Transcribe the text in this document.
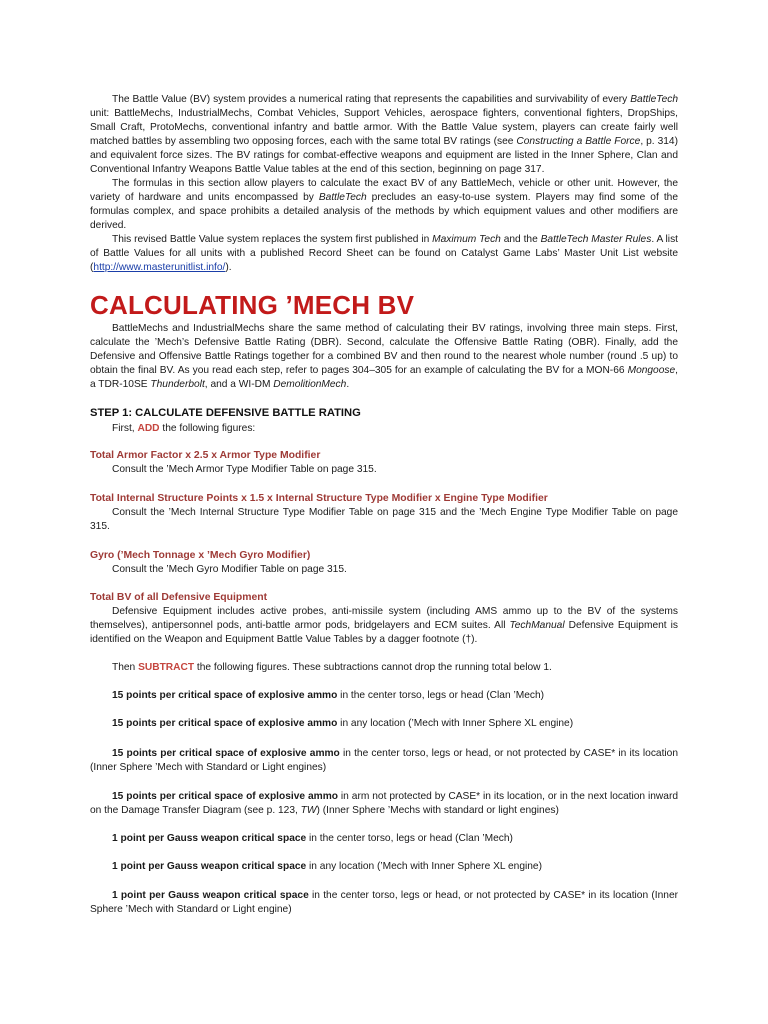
The Battle Value (BV) system provides a numerical rating that represents the capabilities and survivability of every BattleTech unit: BattleMechs, IndustrialMechs, Combat Vehicles, Support Vehicles, aerospace fighters, conventional fighters, DropShips, Small Craft, ProtoMechs, conventional infantry and battle armor. With the Battle Value system, players can create fairly well matched battles by assembling two opposing forces, each with the same total BV ratings (see Constructing a Battle Force, p. 314) and equivalent force sizes. The BV ratings for combat-effective weapons and equipment are listed in the Inner Sphere, Clan and Conventional Infantry Weapons Battle Value tables at the end of this section, beginning on page 317.

The formulas in this section allow players to calculate the exact BV of any BattleMech, vehicle or other unit. However, the variety of hardware and units encompassed by BattleTech precludes an easy-to-use system. Players may find some of the formulas complex, and space prohibits a detailed analysis of the methods by which equipment values and other modifiers are derived.

This revised Battle Value system replaces the system first published in Maximum Tech and the BattleTech Master Rules. A list of Battle Values for all units with a published Record Sheet can be found on Catalyst Game Labs’ Master Unit List website (http://www.masterunitlist.info/).

CALCULATING ’MECH BV

BattleMechs and IndustrialMechs share the same method of calculating their BV ratings, involving three main steps. First, calculate the ’Mech’s Defensive Battle Rating (DBR). Second, calculate the Offensive Battle Rating (OBR). Finally, add the Defensive and Offensive Battle Ratings together for a combined BV and then round to the nearest whole number (round .5 up) to obtain the final BV. As you read each step, refer to pages 304–305 for an example of calculating the BV for a MON-66 Mongoose, a TDR-10SE Thunderbolt, and a WI-DM DemolitionMech.

STEP 1: CALCULATE DEFENSIVE BATTLE RATING

First, ADD the following figures:

Total Armor Factor x 2.5 x Armor Type Modifier

Consult the ’Mech Armor Type Modifier Table on page 315.

Total Internal Structure Points x 1.5 x Internal Structure Type Modifier x Engine Type Modifier

Consult the ’Mech Internal Structure Type Modifier Table on page 315 and the ’Mech Engine Type Modifier Table on page 315.

Gyro (’Mech Tonnage x ’Mech Gyro Modifier)

Consult the ’Mech Gyro Modifier Table on page 315.

Total BV of all Defensive Equipment

Defensive Equipment includes active probes, anti-missile system (including AMS ammo up to the BV of the systems themselves), antipersonnel pods, anti-battle armor pods, bridgelayers and ECM suites. All TechManual Defensive Equipment is identified on the Weapon and Equipment Battle Value Tables by a dagger footnote (†).

Then SUBTRACT the following figures. These subtractions cannot drop the running total below 1.

15 points per critical space of explosive ammo in the center torso, legs or head (Clan ’Mech)

15 points per critical space of explosive ammo in any location (’Mech with Inner Sphere XL engine)

15 points per critical space of explosive ammo in the center torso, legs or head, or not protected by CASE* in its location (Inner Sphere ’Mech with Standard or Light engines)

15 points per critical space of explosive ammo in arm not protected by CASE* in its location, or in the next location inward on the Damage Transfer Diagram (see p. 123, TW) (Inner Sphere ’Mechs with standard or light engines)

1 point per Gauss weapon critical space in the center torso, legs or head (Clan ’Mech)

1 point per Gauss weapon critical space in any location (’Mech with Inner Sphere XL engine)

1 point per Gauss weapon critical space in the center torso, legs or head, or not protected by CASE* in its location (Inner Sphere ’Mech with Standard or Light engine)
